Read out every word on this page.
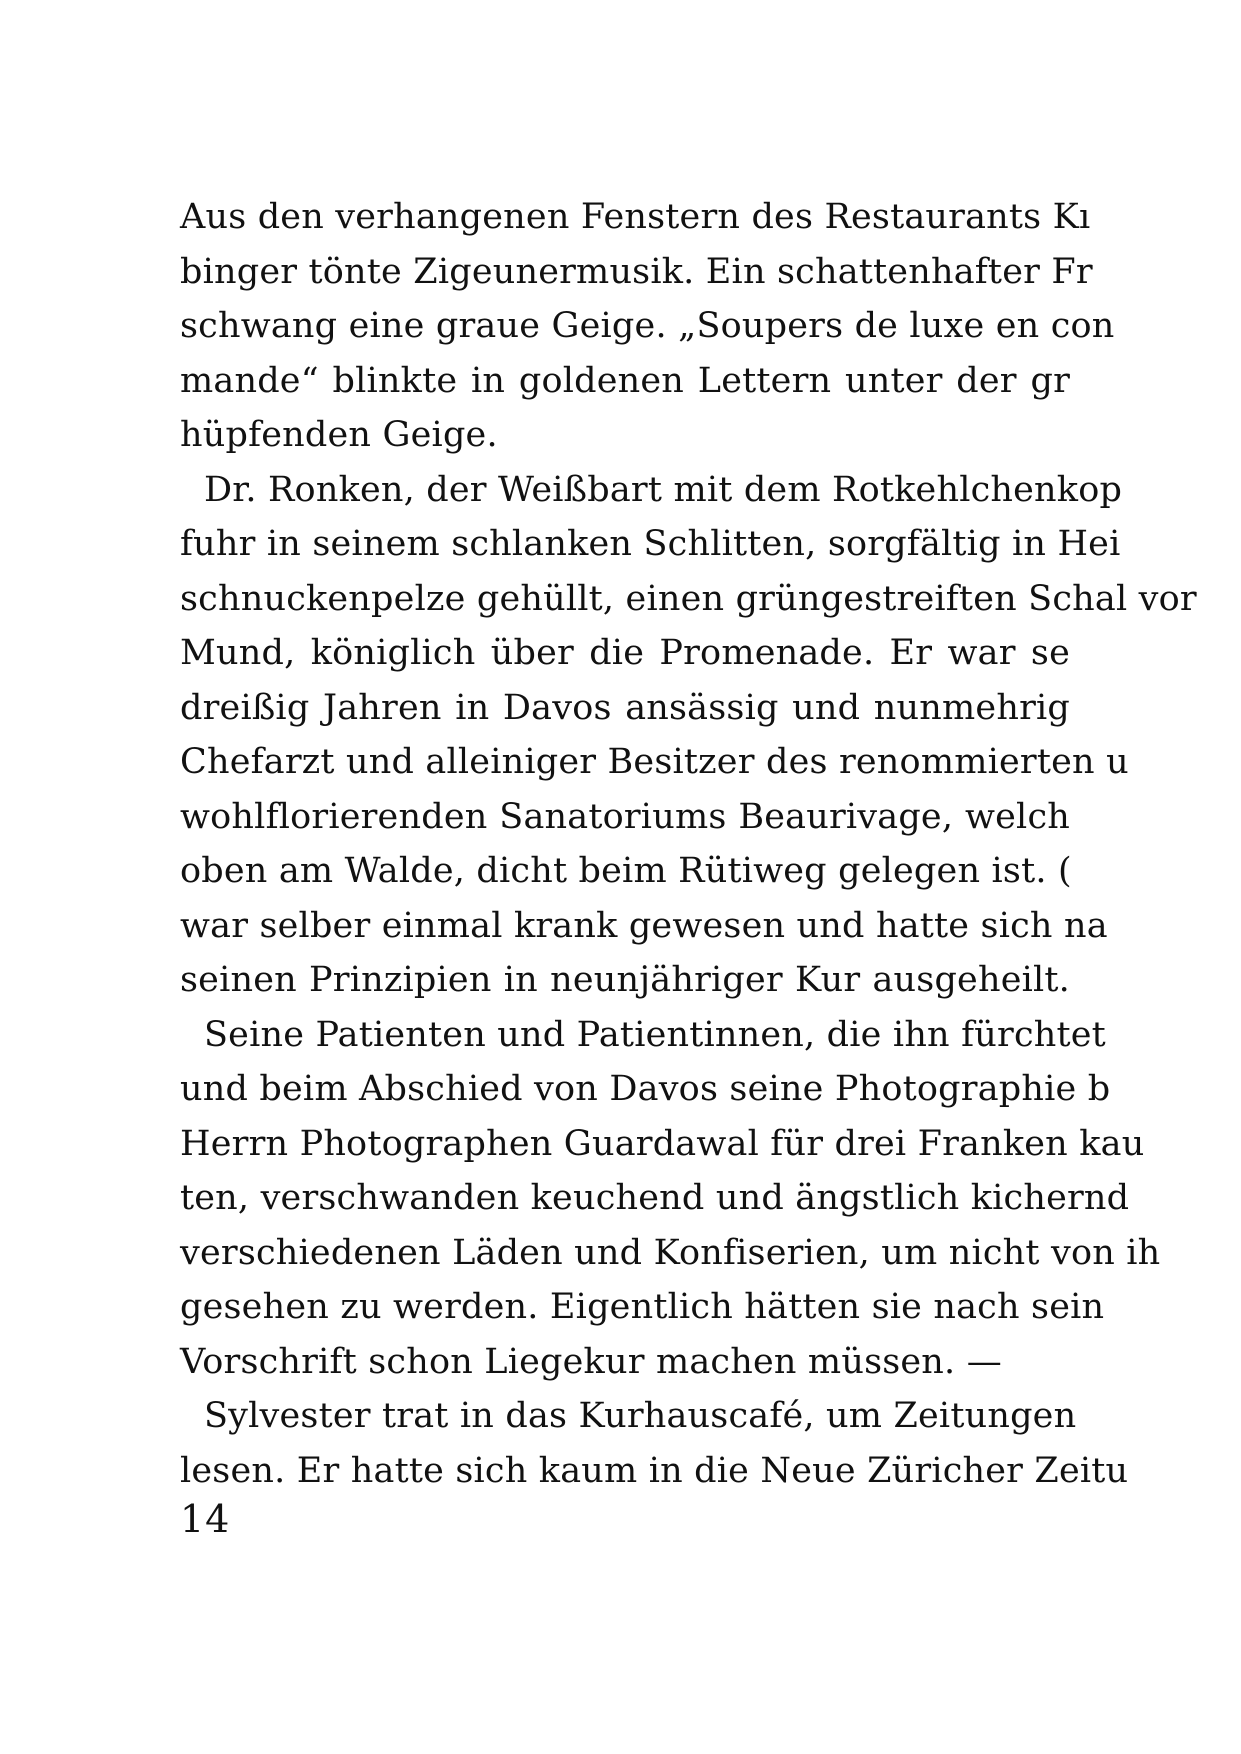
Aus den verhangenen Fenstern des Restaurants Kı
binger tönte Zigeunermusik. Ein schattenhafter Fr
schwang eine graue Geige. „Soupers de luxe en con
mande“ blinkte in goldenen Lettern unter der gr
hüpfenden Geige.
Dr. Ronken, der Weißbart mit dem Rotkehlchenkop
fuhr in seinem schlanken Schlitten, sorgfältig in Hei
schnuckenpelze gehüllt, einen grüngestreiften Schal vor
Mund, königlich über die Promenade. Er war se
dreißig Jahren in Davos ansässig und nunmehrig
Chefarzt und alleiniger Besitzer des renommierten u
wohlflorierenden Sanatoriums Beaurivage, welch
oben am Walde, dicht beim Rütiweg gelegen ist. (
war selber einmal krank gewesen und hatte sich na
seinen Prinzipien in neunjähriger Kur ausgeheilt.
Seine Patienten und Patientinnen, die ihn fürchtet
und beim Abschied von Davos seine Photographie b
Herrn Photographen Guardawal für drei Franken kau
ten, verschwanden keuchend und ängstlich kichernd
verschiedenen Läden und Konfiserien, um nicht von ih
gesehen zu werden. Eigentlich hätten sie nach sein
Vorschrift schon Liegekur machen müssen. —
Sylvester trat in das Kurhauscafé, um Zeitungen
lesen. Er hatte sich kaum in die Neue Züricher Zeitu
14
